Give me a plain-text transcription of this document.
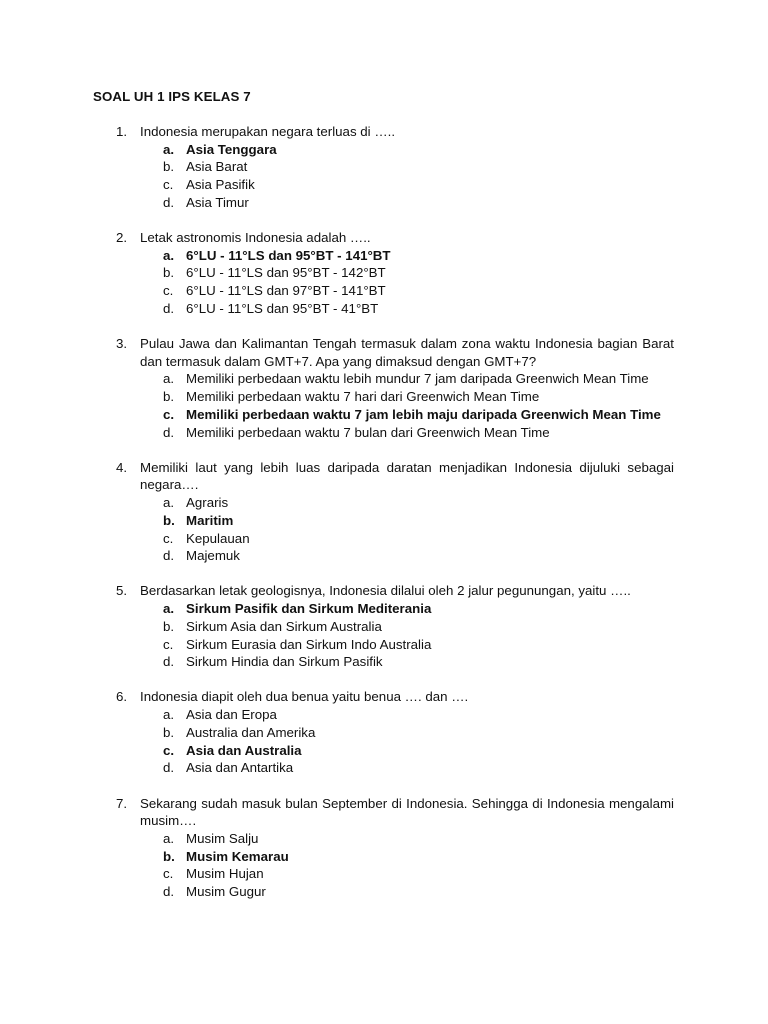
SOAL UH 1 IPS KELAS 7
1. Indonesia merupakan negara terluas di …..
a. Asia Tenggara
b. Asia Barat
c. Asia Pasifik
d. Asia Timur
2. Letak astronomis Indonesia adalah …..
a. 6°LU - 11°LS dan 95°BT - 141°BT
b. 6°LU - 11°LS dan 95°BT - 142°BT
c. 6°LU - 11°LS dan 97°BT - 141°BT
d. 6°LU - 11°LS dan 95°BT - 41°BT
3. Pulau Jawa dan Kalimantan Tengah termasuk dalam zona waktu Indonesia bagian Barat dan termasuk dalam GMT+7. Apa yang dimaksud dengan GMT+7?
a. Memiliki perbedaan waktu lebih mundur 7 jam daripada Greenwich Mean Time
b. Memiliki perbedaan waktu 7 hari dari Greenwich Mean Time
c. Memiliki perbedaan waktu 7 jam lebih maju daripada Greenwich Mean Time
d. Memiliki perbedaan waktu 7 bulan dari Greenwich Mean Time
4. Memiliki laut yang lebih luas daripada daratan menjadikan Indonesia dijuluki sebagai negara….
a. Agraris
b. Maritim
c. Kepulauan
d. Majemuk
5. Berdasarkan letak geologisnya, Indonesia dilalui oleh 2 jalur pegunungan, yaitu …..
a. Sirkum Pasifik dan Sirkum Mediterania
b. Sirkum Asia dan Sirkum Australia
c. Sirkum Eurasia dan Sirkum Indo Australia
d. Sirkum Hindia dan Sirkum Pasifik
6. Indonesia diapit oleh dua benua yaitu benua …. dan ….
a. Asia dan Eropa
b. Australia dan Amerika
c. Asia dan Australia
d. Asia dan Antartika
7. Sekarang sudah masuk bulan September di Indonesia. Sehingga di Indonesia mengalami musim….
a. Musim Salju
b. Musim Kemarau
c. Musim Hujan
d. Musim Gugur
